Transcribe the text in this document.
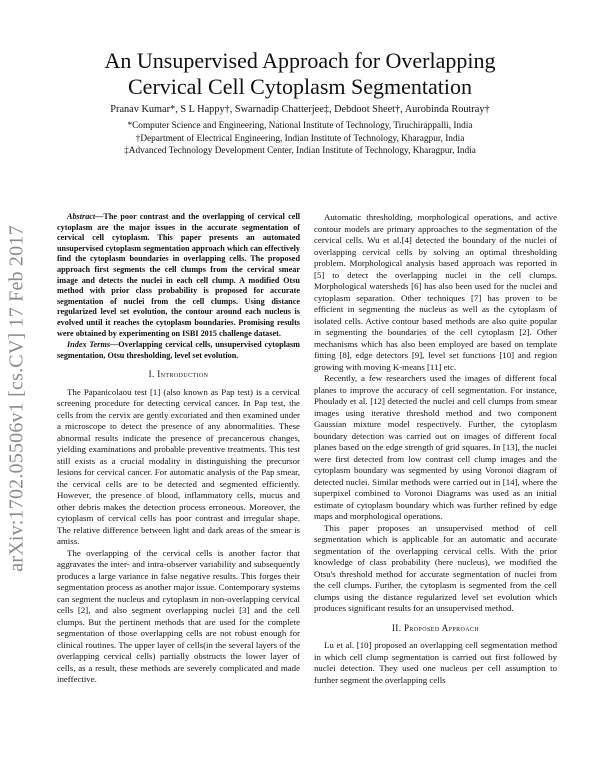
arXiv:1702.05506v1 [cs.CV] 17 Feb 2017
An Unsupervised Approach for Overlapping
Cervical Cell Cytoplasm Segmentation

Pranav Kumar*, S L Happy†, Swarnadip Chatterjee‡, Debdoot Sheet†, Aurobinda Routray†

*Computer Science and Engineering, National Institute of Technology, Tiruchirappalli, India
†Department of Electrical Engineering, Indian Institute of Technology, Kharagpur, India
‡Advanced Technology Development Center, Indian Institute of Technology, Kharagpur, India

Abstract—The poor contrast and the overlapping of cervical cell cytoplasm are the major issues in the accurate segmentation of cervical cell cytoplasm. This paper presents an automated unsupervised cytoplasm segmentation approach which can effectively find the cytoplasm boundaries in overlapping cells. The proposed approach first segments the cell clumps from the cervical smear image and detects the nuclei in each cell clump. A modified Otsu method with prior class probability is proposed for accurate segmentation of nuclei from the cell clumps. Using distance regularized level set evolution, the contour around each nucleus is evolved until it reaches the cytoplasm boundaries. Promising results were obtained by experimenting on ISBI 2015 challenge dataset.

Index Terms—Overlapping cervical cells, unsupervised cytoplasm segmentation, Otsu thresholding, level set evolution.

I. Introduction

The Papanicolaou test [1] (also known as Pap test) is a cervical screening procedure for detecting cervical cancer. In Pap test, the cells from the cervix are gently excoriated and then examined under a microscope to detect the presence of any abnormalities. These abnormal results indicate the presence of precancerous changes, yielding examinations and probable preventive treatments. This test still exists as a crucial modality in distinguishing the precursor lesions for cervical cancer. For automatic analysis of the Pap smear, the cervical cells are to be detected and segmented efficiently. However, the presence of blood, inflammatory cells, mucus and other debris makes the detection process erroneous. Moreover, the cytoplasm of cervical cells has poor contrast and irregular shape. The relative difference between light and dark areas of the smear is amiss.

The overlapping of the cervical cells is another factor that aggravates the inter- and intra-observer variability and subsequently produces a large variance in false negative results. This forges their segmentation process as another major issue. Contemporary systems can segment the nucleus and cytoplasm in non-overlapping cervical cells [2], and also segment overlapping nuclei [3] and the cell clumps. But the pertinent methods that are used for the complete segmentation of those overlapping cells are not robust enough for clinical routines. The upper layer of cells(in the several layers of the overlapping cervical cells) partially obstructs the lower layer of cells, as a result, these methods are severely complicated and made ineffective.

Automatic thresholding, morphological operations, and active contour models are primary approaches to the segmentation of the cervical cells. Wu et al.[4] detected the boundary of the nuclei of overlapping cervical cells by solving an optimal thresholding problem. Morphological analysis based approach was reported in [5] to detect the overlapping nuclei in the cell clumps. Morphological watersheds [6] has also been used for the nuclei and cytoplasm separation. Other techniques [7] has proven to be efficient in segmenting the nucleus as well as the cytoplasm of isolated cells. Active contour based methods are also quite popular in segmenting the boundaries of the cell cytoplasm [2]. Other mechanisms which has also been employed are based on template fitting [8], edge detectors [9], level set functions [10] and region growing with moving K-means [11] etc.

Recently, a few researchers used the images of different focal planes to improve the accuracy of cell segmentation. For instance, Phoulady et al. [12] detected the nuclei and cell clumps from smear images using iterative threshold method and two component Gaussian mixture model respectively. Further, the cytoplasm boundary detection was carried out on images of different focal planes based on the edge strength of grid squares. In [13], the nuclei were first detected from low contrast cell clump images and the cytoplasm boundary was segmented by using Voronoi diagram of detected nuclei. Similar methods were carried out in [14], where the superpixel combined to Voronoi Diagrams was used as an initial estimate of cytoplasm boundary which was further refined by edge maps and morphological operations.

This paper proposes an unsupervised method of cell segmentation which is applicable for an automatic and accurate segmentation of the overlapping cervical cells. With the prior knowledge of class probability (here nucleus), we modified the Otsu's threshold method for accurate segmentation of nuclei from the cell clumps. Further, the cytoplasm is segmented from the cell clumps using the distance regularized level set evolution which produces significant results for an unsupervised method.

II. Proposed Approach

Lu et al. [10] proposed an overlapping cell segmentation method in which cell clump segmentation is carried out first followed by nuclei detection. They used one nucleus per cell assumption to further segment the overlapping cells
